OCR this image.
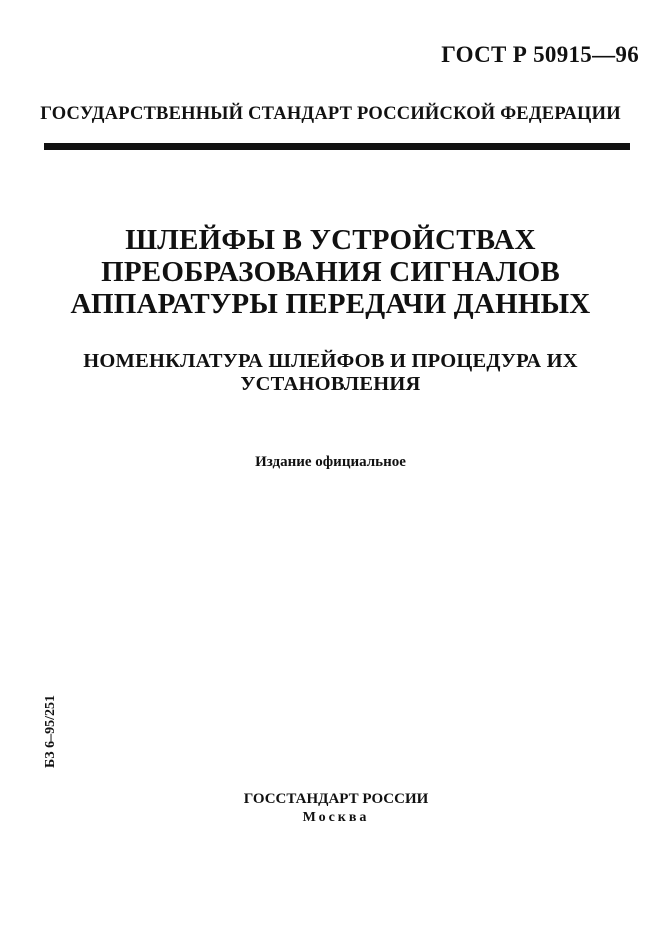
ГОСТ Р 50915—96
ГОСУДАРСТВЕННЫЙ СТАНДАРТ РОССИЙСКОЙ ФЕДЕРАЦИИ
ШЛЕЙФЫ В УСТРОЙСТВАХ
ПРЕОБРАЗОВАНИЯ СИГНАЛОВ
АППАРАТУРЫ ПЕРЕДАЧИ ДАННЫХ
НОМЕНКЛАТУРА ШЛЕЙФОВ И ПРОЦЕДУРА ИХ
УСТАНОВЛЕНИЯ
Издание официальное
БЗ 6–95/251
ГОССТАНДАРТ РОССИИ
Москва
